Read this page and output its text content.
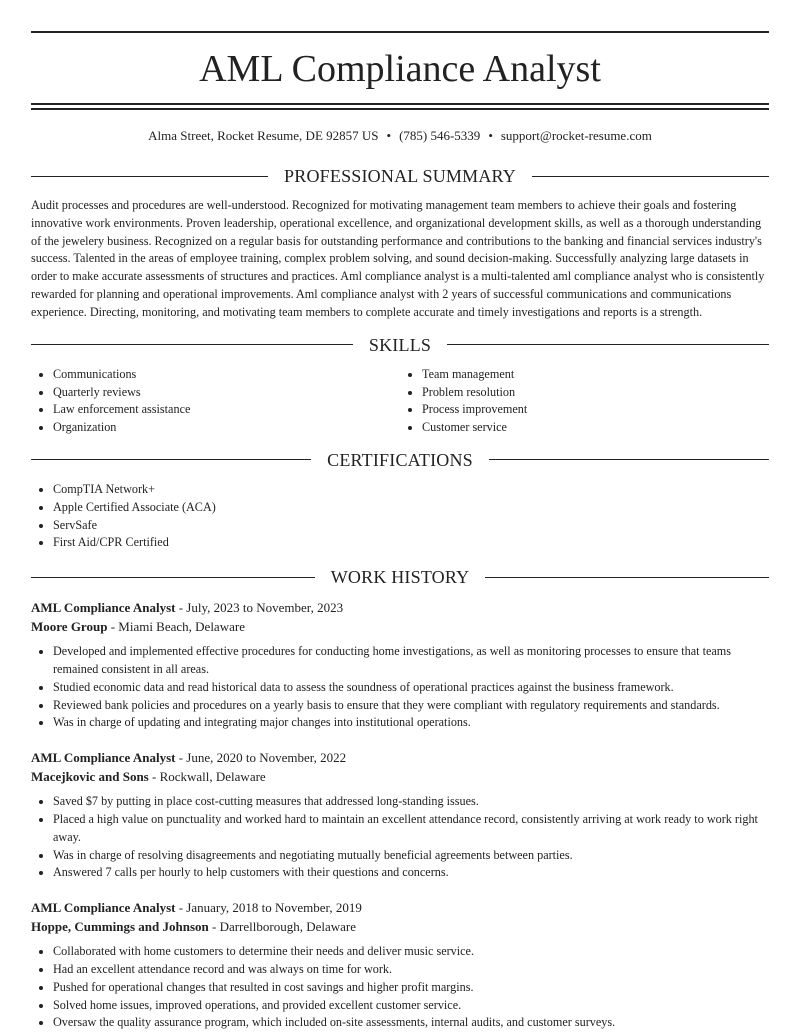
AML Compliance Analyst
Alma Street, Rocket Resume, DE 92857 US • (785) 546-5339 • support@rocket-resume.com
PROFESSIONAL SUMMARY

Audit processes and procedures are well-understood. Recognized for motivating management team members to achieve their goals and fostering innovative work environments. Proven leadership, operational excellence, and organizational development skills, as well as a thorough understanding of the jewelery business. Recognized on a regular basis for outstanding performance and contributions to the banking and financial services industry's success. Talented in the areas of employee training, complex problem solving, and sound decision-making. Successfully analyzing large datasets in order to make accurate assessments of structures and practices. Aml compliance analyst is a multi-talented aml compliance analyst who is consistently rewarded for planning and operational improvements. Aml compliance analyst with 2 years of successful communications and communications experience. Directing, monitoring, and motivating team members to complete accurate and timely investigations and reports is a strength.

SKILLS
• Communications
• Quarterly reviews
• Law enforcement assistance
• Organization
• Team management
• Problem resolution
• Process improvement
• Customer service
CERTIFICATIONS
• CompTIA Network+
• Apple Certified Associate (ACA)
• ServSafe
• First Aid/CPR Certified
WORK HISTORY
AML Compliance Analyst - July, 2023 to November, 2023
Moore Group - Miami Beach, Delaware
• Developed and implemented effective procedures for conducting home investigations, as well as monitoring processes to ensure that teams remained consistent in all areas.
• Studied economic data and read historical data to assess the soundness of operational practices against the business framework.
• Reviewed bank policies and procedures on a yearly basis to ensure that they were compliant with regulatory requirements and standards.
• Was in charge of updating and integrating major changes into institutional operations.
AML Compliance Analyst - June, 2020 to November, 2022
Macejkovic and Sons - Rockwall, Delaware
• Saved $7 by putting in place cost-cutting measures that addressed long-standing issues.
• Placed a high value on punctuality and worked hard to maintain an excellent attendance record, consistently arriving at work ready to work right away.
• Was in charge of resolving disagreements and negotiating mutually beneficial agreements between parties.
• Answered 7 calls per hourly to help customers with their questions and concerns.
AML Compliance Analyst - January, 2018 to November, 2019
Hoppe, Cummings and Johnson - Darrellborough, Delaware
• Collaborated with home customers to determine their needs and deliver music service.
• Had an excellent attendance record and was always on time for work.
• Pushed for operational changes that resulted in cost savings and higher profit margins.
• Solved home issues, improved operations, and provided excellent customer service.
• Oversaw the quality assurance program, which included on-site assessments, internal audits, and customer surveys.
